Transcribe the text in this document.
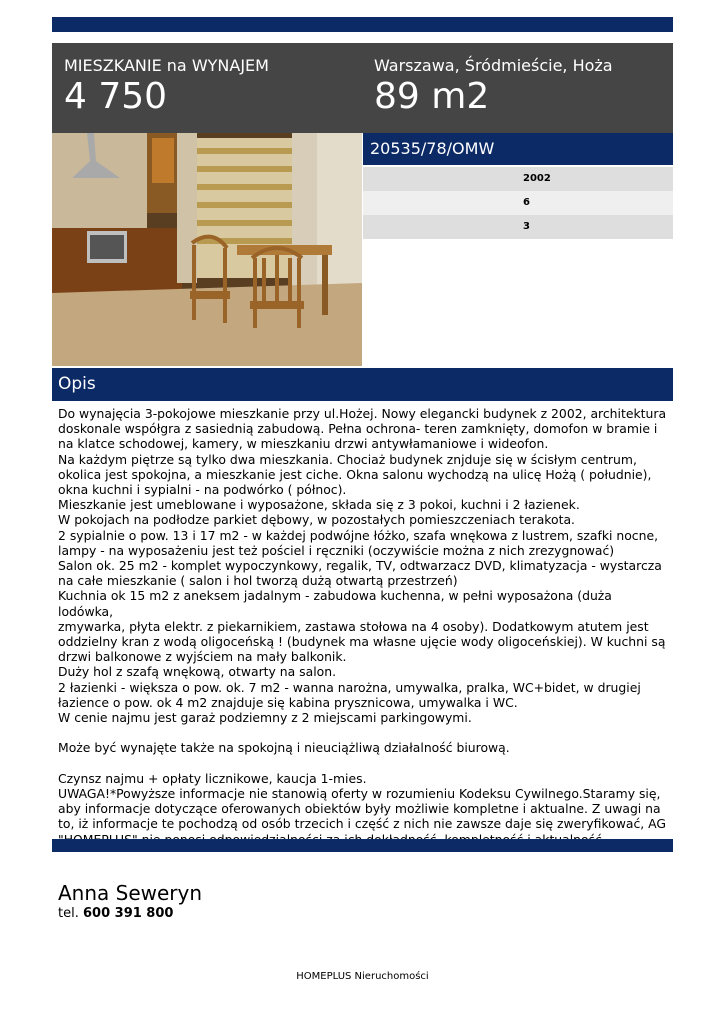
MIESZKANIE na WYNAJEM
4 750
Warszawa, Śródmieście, Hoża
89 m2
20535/78/OMW
2002
6
3
Opis
Do wynajęcia 3-pokojowe mieszkanie przy ul.Hożej. Nowy elegancki budynek z 2002, architektura
doskonale współgra z sasiednią zabudową. Pełna ochrona- teren zamknięty, domofon w bramie i
na klatce schodowej, kamery, w mieszkaniu drzwi antywłamaniowe i wideofon.
Na każdym piętrze są tylko dwa mieszkania. Chociaż budynek znjduje się w ścisłym centrum,
okolica jest spokojna, a mieszkanie jest ciche. Okna salonu wychodzą na ulicę Hożą ( południe),
okna kuchni i sypialni - na podwórko ( północ).
Mieszkanie jest umeblowane i wyposażone, składa się z 3 pokoi, kuchni i 2 łazienek.
W pokojach na podłodze parkiet dębowy, w pozostałych pomieszczeniach terakota.
2 sypialnie o pow. 13 i 17 m2 - w każdej podwójne łóżko, szafa wnękowa z lustrem, szafki nocne,
lampy - na wyposażeniu jest też pościel i ręczniki (oczywiście można z nich zrezygnować)
Salon ok. 25 m2 - komplet wypoczynkowy, regalik, TV, odtwarzacz DVD, klimatyzacja - wystarcza
na całe mieszkanie ( salon i hol tworzą dużą otwartą przestrzeń)
Kuchnia ok 15 m2 z aneksem jadalnym - zabudowa kuchenna, w pełni wyposażona (duża lodówka,
zmywarka, płyta elektr. z piekarnikiem, zastawa stołowa na 4 osoby). Dodatkowym atutem jest
oddzielny kran z wodą oligoceńską ! (budynek ma własne ujęcie wody oligoceńskiej). W kuchni są
drzwi balkonowe z wyjściem na mały balkonik.
Duży hol z szafą wnękową, otwarty na salon.
2 łazienki - większa o pow. ok. 7 m2 - wanna narożna, umywalka, pralka, WC+bidet, w drugiej
łazience o pow. ok 4 m2 znajduje się kabina prysznicowa, umywalka i WC.
W cenie najmu jest garaż podziemny z 2 miejscami parkingowymi.

Może być wynajęte także na spokojną i nieuciążliwą działalność biurową.

Czynsz najmu + opłaty licznikowe, kaucja 1-mies.
UWAGA!*Powyższe informacje nie stanowią oferty w rozumieniu Kodeksu Cywilnego.Staramy się,
aby informacje dotyczące oferowanych obiektów były możliwie kompletne i aktualne. Z uwagi na
to, iż informacje te pochodzą od osób trzecich i część z nich nie zawsze daje się zweryfikować, AG
Anna Seweryn
tel. 600 391 800
HOMEPLUS Nieruchomości
